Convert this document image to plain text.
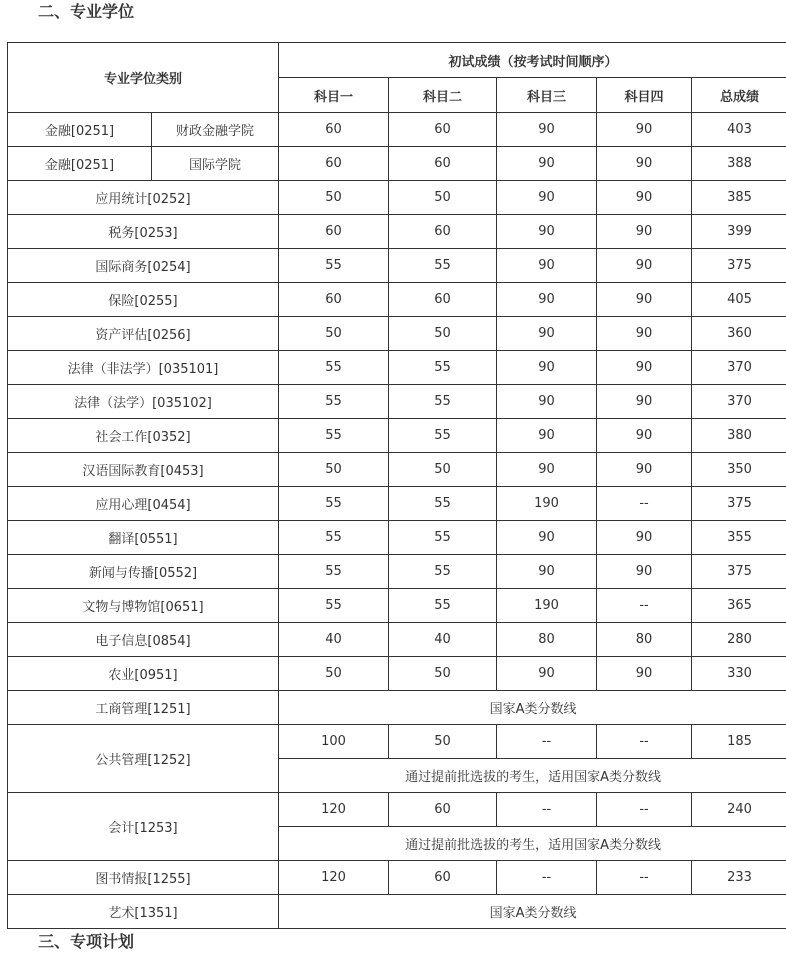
二、专业学位
专业学位类别		初试成绩（按考试时间顺序）				
		科目一	科目二	科目三	科目四	总成绩
金融[0251]	财政金融学院	60	60	90	90	403
金融[0251]	国际学院	60	60	90	90	388
应用统计[0252]		50	50	90	90	385
税务[0253]		60	60	90	90	399
国际商务[0254]		55	55	90	90	375
保险[0255]		60	60	90	90	405
资产评估[0256]		50	50	90	90	360
法律（非法学）[035101]		55	55	90	90	370
法律（法学）[035102]		55	55	90	90	370
社会工作[0352]		55	55	90	90	380
汉语国际教育[0453]		50	50	90	90	350
应用心理[0454]		55	55	190	--	375
翻译[0551]		55	55	90	90	355
新闻与传播[0552]		55	55	90	90	375
文物与博物馆[0651]		55	55	190	--	365
电子信息[0854]		40	40	80	80	280
农业[0951]		50	50	90	90	330
工商管理[1251]		国家A类分数线				
公共管理[1252]		100	50	--	--	185
		通过提前批选拔的考生，适用国家A类分数线				
会计[1253]		120	60	--	--	240
		通过提前批选拔的考生，适用国家A类分数线				
图书情报[1255]		120	60	--	--	233
艺术[1351]		国家A类分数线				
三、专项计划
